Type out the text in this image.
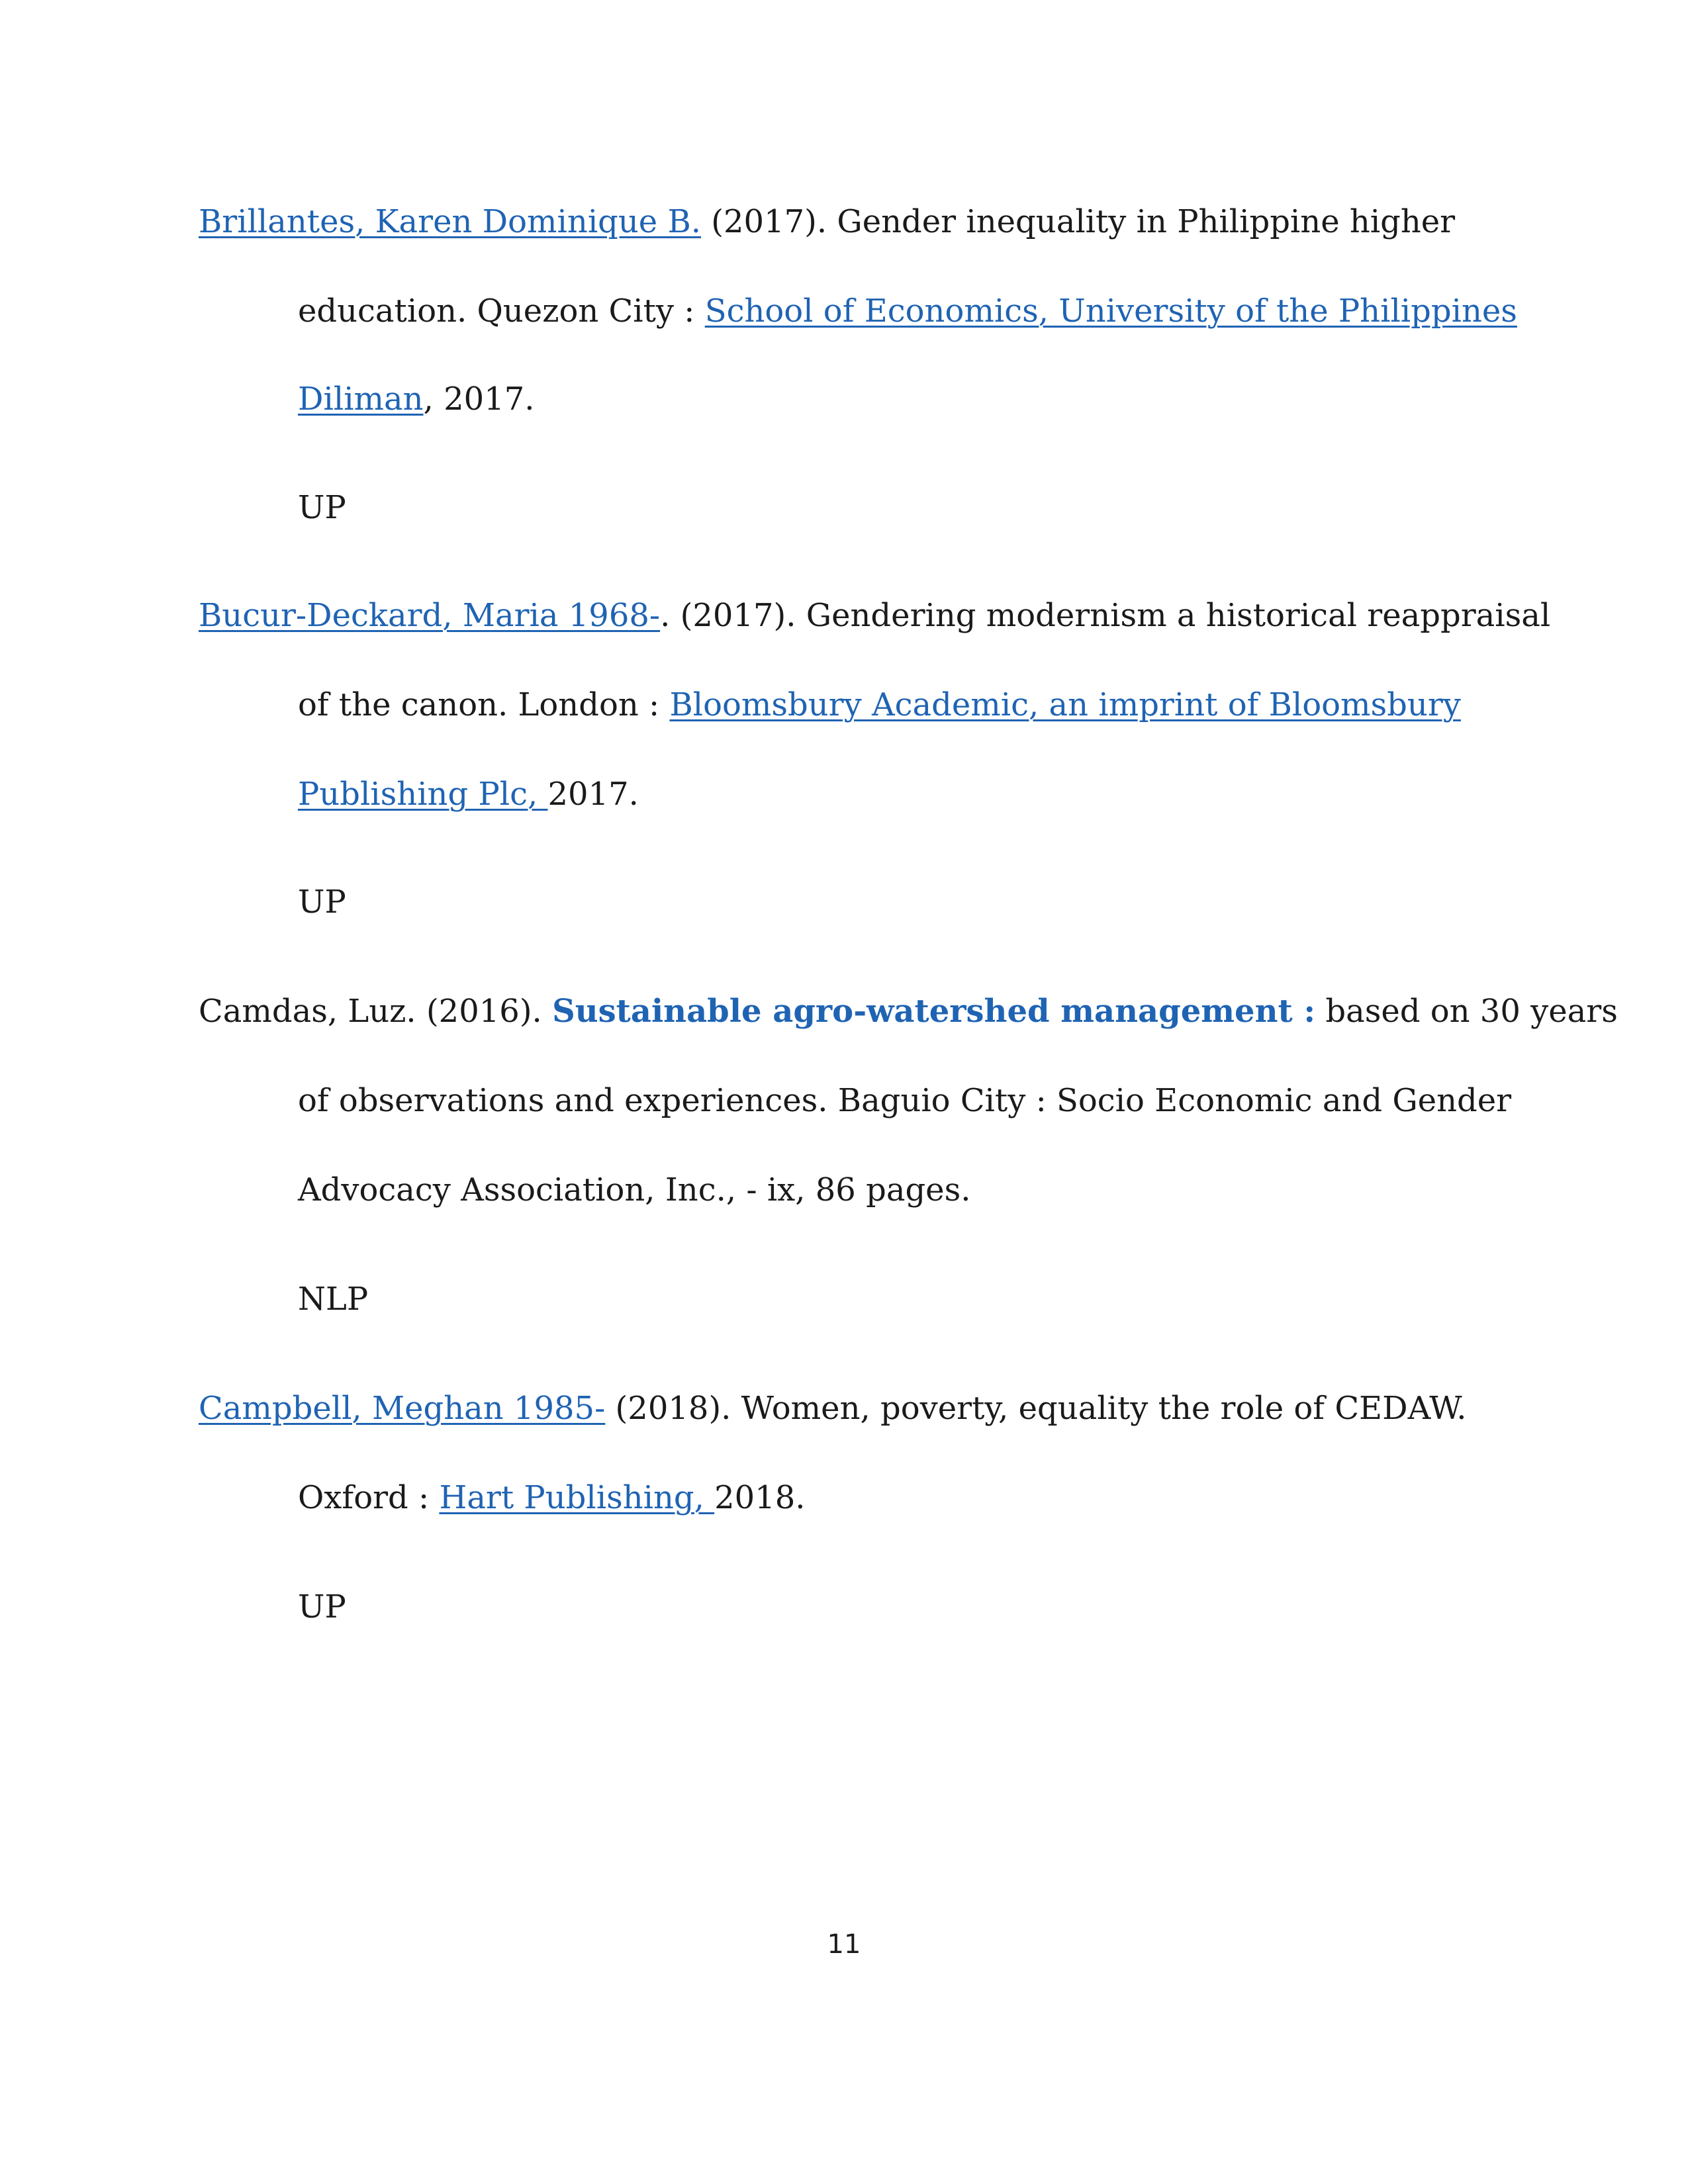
Brillantes, Karen Dominique B. (2017). Gender inequality in Philippine higher
education. Quezon City : School of Economics, University of the Philippines
Diliman, 2017.
UP
Bucur-Deckard, Maria 1968-. (2017). Gendering modernism a historical reappraisal
of the canon. London : Bloomsbury Academic, an imprint of Bloomsbury
Publishing Plc, 2017.
UP
Camdas, Luz. (2016). Sustainable agro-watershed management : based on 30 years
of observations and experiences. Baguio City : Socio Economic and Gender
Advocacy Association, Inc., - ix, 86 pages.
NLP
Campbell, Meghan 1985- (2018). Women, poverty, equality the role of CEDAW.
Oxford : Hart Publishing, 2018.
UP
11
